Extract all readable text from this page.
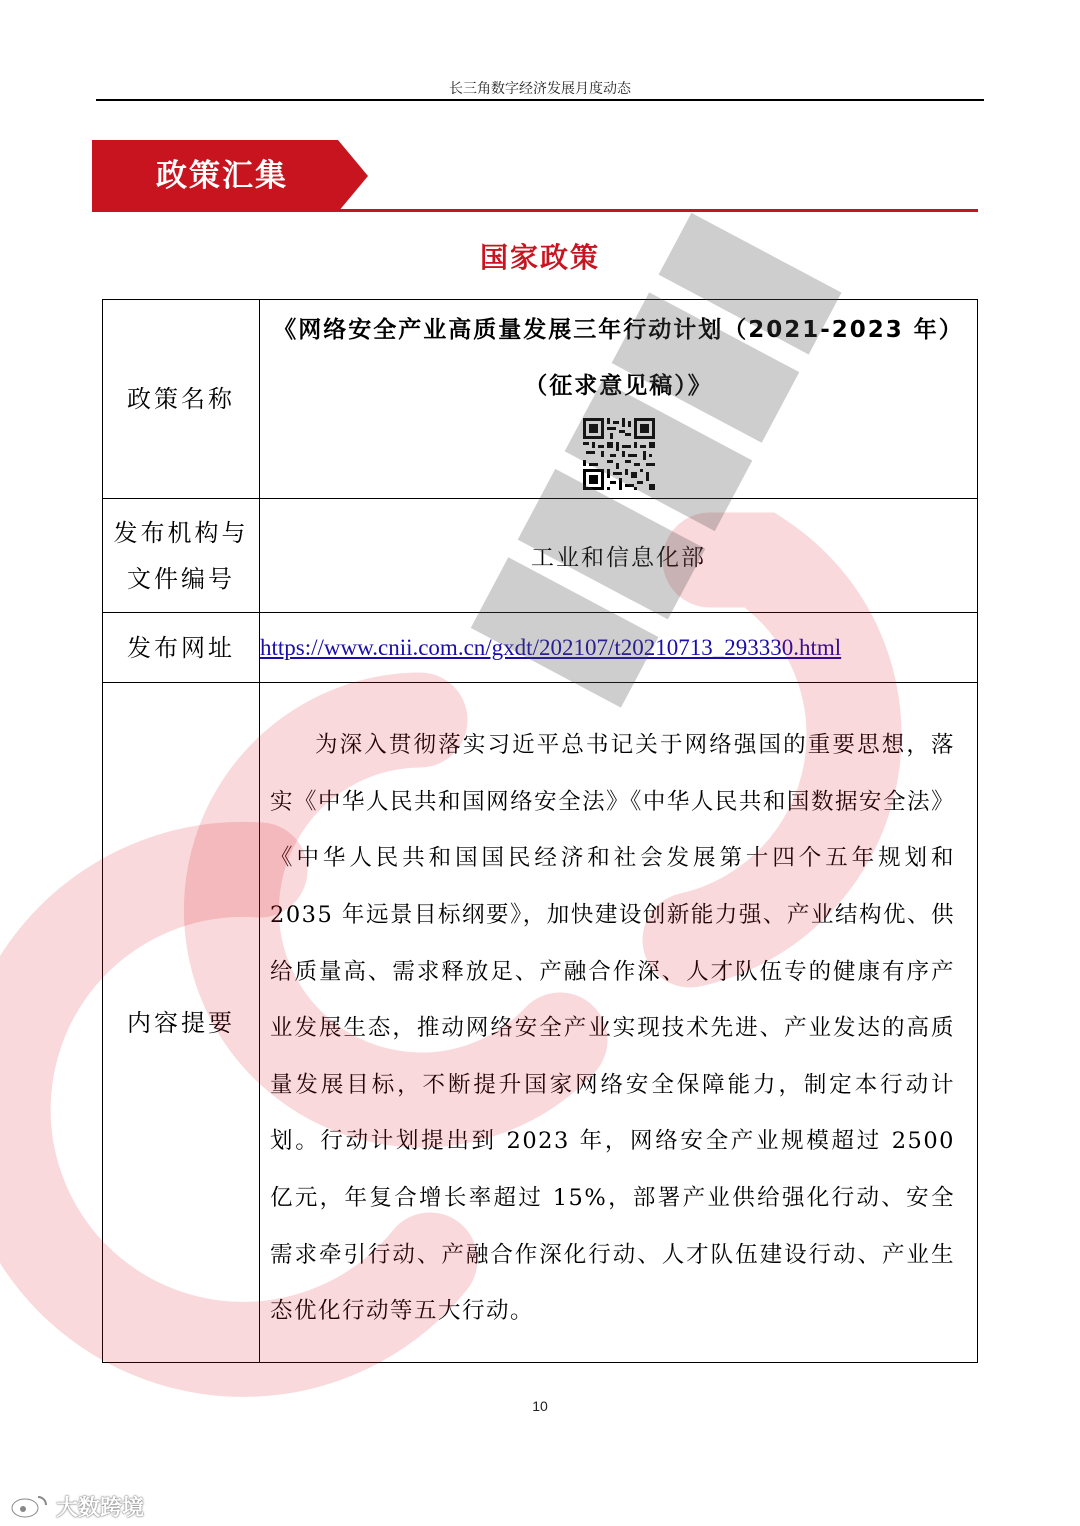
长三角数字经济发展月度动态
政策汇集
国家政策
政策名称	《网络安全产业高质量发展三年行动计划（2021-2023 年）
（征求意见稿）》

发布机构与
文件编号	工业和信息化部
发布网址	https://www.cnii.com.cn/gxdt/202107/t20210713_293330.html
内容提要	为深入贯彻落实习近平总书记关于网络强国的重要思想，落实《中华人民共和国网络安全法》《中华人民共和国数据安全法》《中华人民共和国国民经济和社会发展第十四个五年规划和 2035 年远景目标纲要》，加快建设创新能力强、产业结构优、供给质量高、需求释放足、产融合作深、人才队伍专的健康有序产业发展生态，推动网络安全产业实现技术先进、产业发达的高质量发展目标，不断提升国家网络安全保障能力，制定本行动计划。行动计划提出到 2023 年，网络安全产业规模超过 2500 亿元，年复合增长率超过 15%，部署产业供给强化行动、安全需求牵引行动、产融合作深化行动、人才队伍建设行动、产业生态优化行动等五大行动。

10
大数跨境
